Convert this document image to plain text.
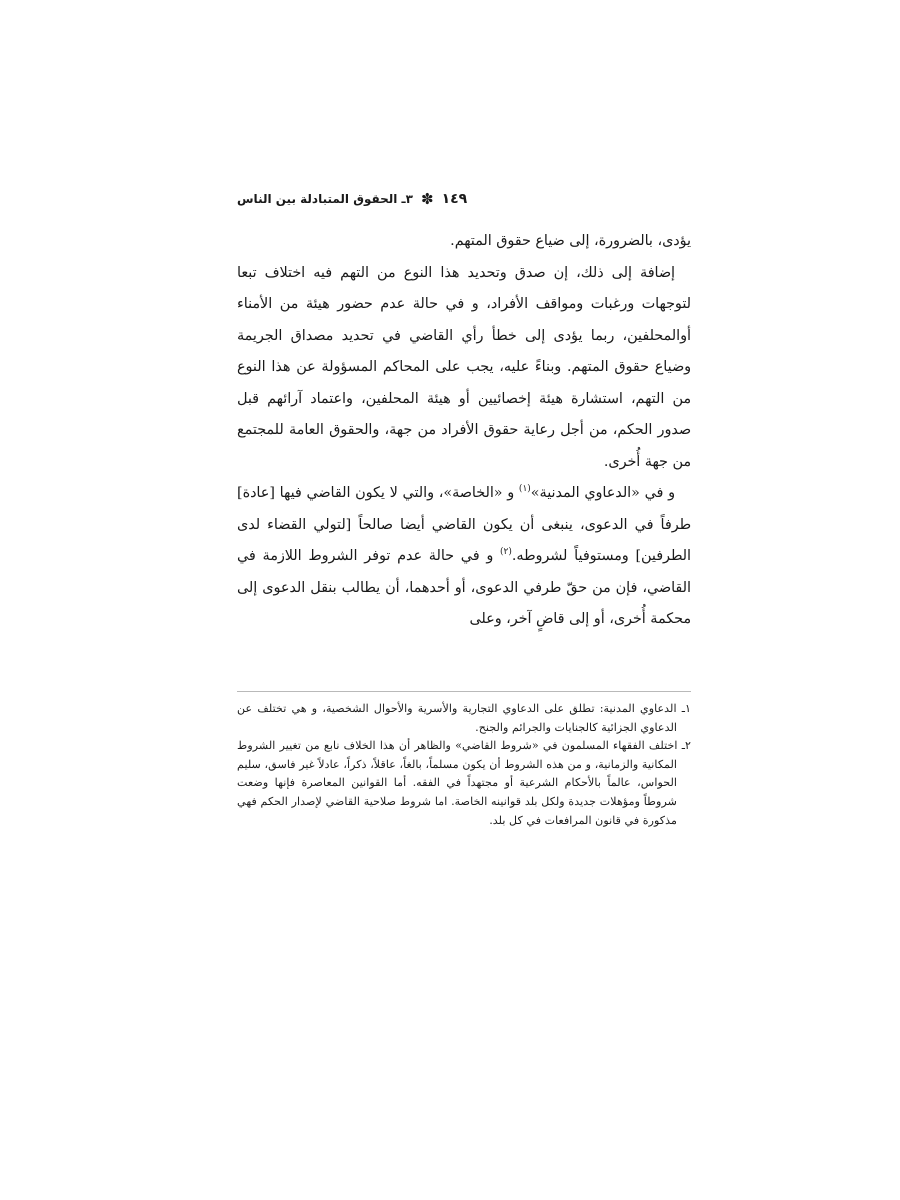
١٤٩
✽
٣ـ الحقوق المتبادلة بين الناس

يؤدى، بالضرورة، إلى ضياع حقوق المتهم.

إضافة إلى ذلك، إن صدق وتحديد هذا النوع من التهم فيه اختلاف تبعا لتوجهات ورغبات ومواقف الأفراد، و في حالة عدم حضور هيئة من الأمناء أوالمحلفين، ربما يؤدى إلى خطأ رأي القاضي في تحديد مصداق الجريمة وضياع حقوق المتهم. وبناءً عليه، يجب على المحاكم المسؤولة عن هذا النوع من التهم، استشارة هيئة إخصائيين أو هيئة المحلفين، واعتماد آرائهم قبل صدور الحكم، من أجل رعاية حقوق الأفراد من جهة، والحقوق العامة للمجتمع من جهة أُخرى.

و في «الدعاوي المدنية»$^{(١)}$ و «الخاصة»، والتي لا يكون القاضي فيها [عادة] طرفاً في الدعوى، ينبغى أن يكون القاضي أيضا صالحاً [لتولي القضاء لدى الطرفين] ومستوفياً لشروطه.$^{(٢)}$ و في حالة عدم توفر الشروط اللازمة في القاضي، فإن من حقّ طرفي الدعوى، أو أحدهما، أن يطالب بنقل الدعوى إلى محكمة أُخرى، أو إلى قاضٍ آخر، وعلى

١ـ الدعاوي المدنية: تطلق على الدعاوي التجارية والأسرية والأحوال الشخصية، و هي تختلف عن الدعاوي الجزائية كالجنايات والجرائم والجنح.

٢ـ اختلف الفقهاء المسلمون في «شروط القاضي» والظاهر أن هذا الخلاف نابع من تغيير الشروط المكانية والزمانية، و من هذه الشروط أن يكون مسلماً، بالغاً، عاقلاً، ذكراً، عادلاً غير فاسق، سليم الحواس، عالماً بالأحكام الشرعية أو مجتهداً في الفقه. أما القوانين المعاصرة فإنها وضعت شروطاً ومؤهلات جديدة ولكل بلد قوانينه الخاصة. اما شروط صلاحية القاضي لإصدار الحكم فهي مذكورة في قانون المرافعات في كل بلد.
